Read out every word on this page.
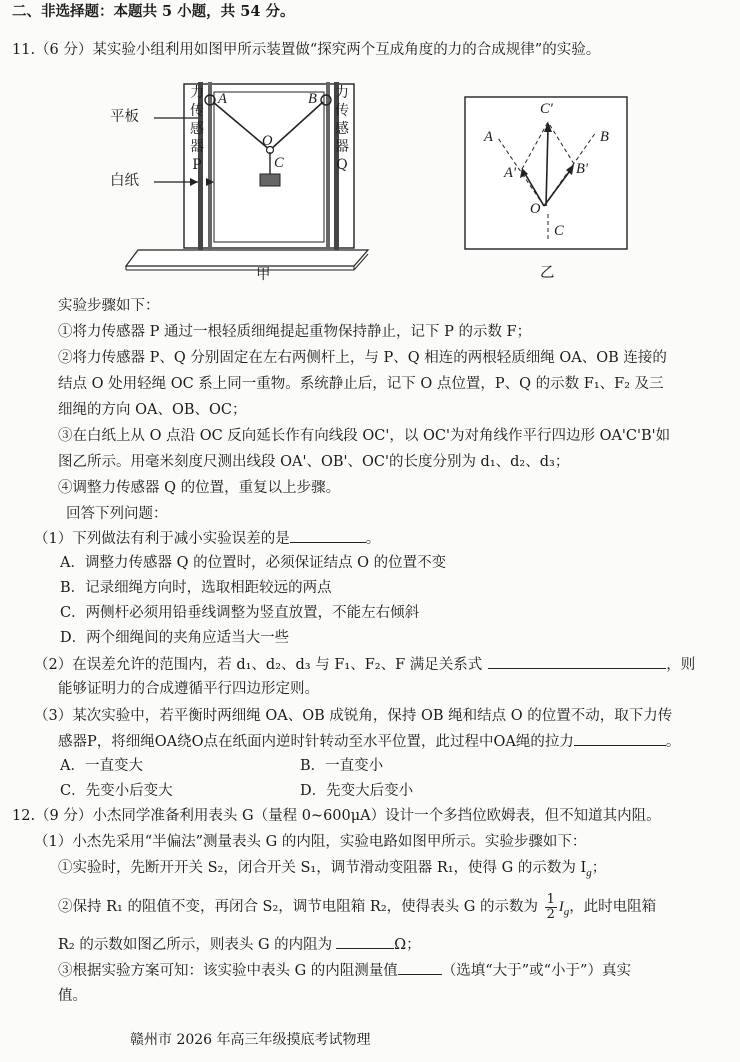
二、非选择题：本题共 5 小题，共 54 分。
11.（6 分）某实验小组利用如图甲所示装置做“探究两个互成角度的力的合成规律”的实验。
平板
白纸
力
传
感
器
P
力
传
感
器
Q
A	B
O
C
甲
C'
A	B
A'	B'
O
C
乙
实验步骤如下：
①将力传感器 P 通过一根轻质细绳提起重物保持静止，记下 P 的示数 F；
②将力传感器 P、Q 分别固定在左右两侧杆上，与 P、Q 相连的两根轻质细绳 OA、OB 连接的
结点 O 处用轻绳 OC 系上同一重物。系统静止后，记下 O 点位置，P、Q 的示数 F₁、F₂ 及三
细绳的方向 OA、OB、OC；
③在白纸上从 O 点沿 OC 反向延长作有向线段 OC'，以 OC'为对角线作平行四边形 OA'C'B'如
图乙所示。用毫米刻度尺测出线段 OA'、OB'、OC'的长度分别为 d₁、d₂、d₃；
④调整力传感器 Q 的位置，重复以上步骤。
回答下列问题：
（1）下列做法有利于减小实验误差的是	。
A．调整力传感器 Q 的位置时，必须保证结点 O 的位置不变
B．记录细绳方向时，选取相距较远的两点
C．两侧杆必须用铅垂线调整为竖直放置，不能左右倾斜
D．两个细绳间的夹角应适当大一些
（2）在误差允许的范围内，若 d₁、d₂、d₃ 与 F₁、F₂、F 满足关系式	，则
能够证明力的合成遵循平行四边形定则。
（3）某次实验中，若平衡时两细绳 OA、OB 成锐角，保持 OB 绳和结点 O 的位置不动，取下力传
感器P，将细绳OA绕O点在纸面内逆时针转动至水平位置，此过程中OA绳的拉力	。
A．一直变大	B．一直变小
C．先变小后变大	D．先变大后变小
12.（9 分）小杰同学准备利用表头 G（量程 0~600μA）设计一个多挡位欧姆表，但不知道其内阻。
（1）小杰先采用“半偏法”测量表头 G 的内阻，实验电路如图甲所示。实验步骤如下：
①实验时，先断开开关 S₂，闭合开关 S₁，调节滑动变阻器 R₁，使得 G 的示数为 $I_g$；
②保持 R₁ 的阻值不变，再闭合 S₂，调节电阻箱 R₂，使得表头 G 的示数为 $\frac{1}{2} I_g$，此时电阻箱
R₂ 的示数如图乙所示，则表头 G 的内阻为	Ω；
③根据实验方案可知：该实验中表头 G 的内阻测量值	（选填“大于”或“小于”）真实
值。
赣州市 2026 年高三年级摸底考试物理
